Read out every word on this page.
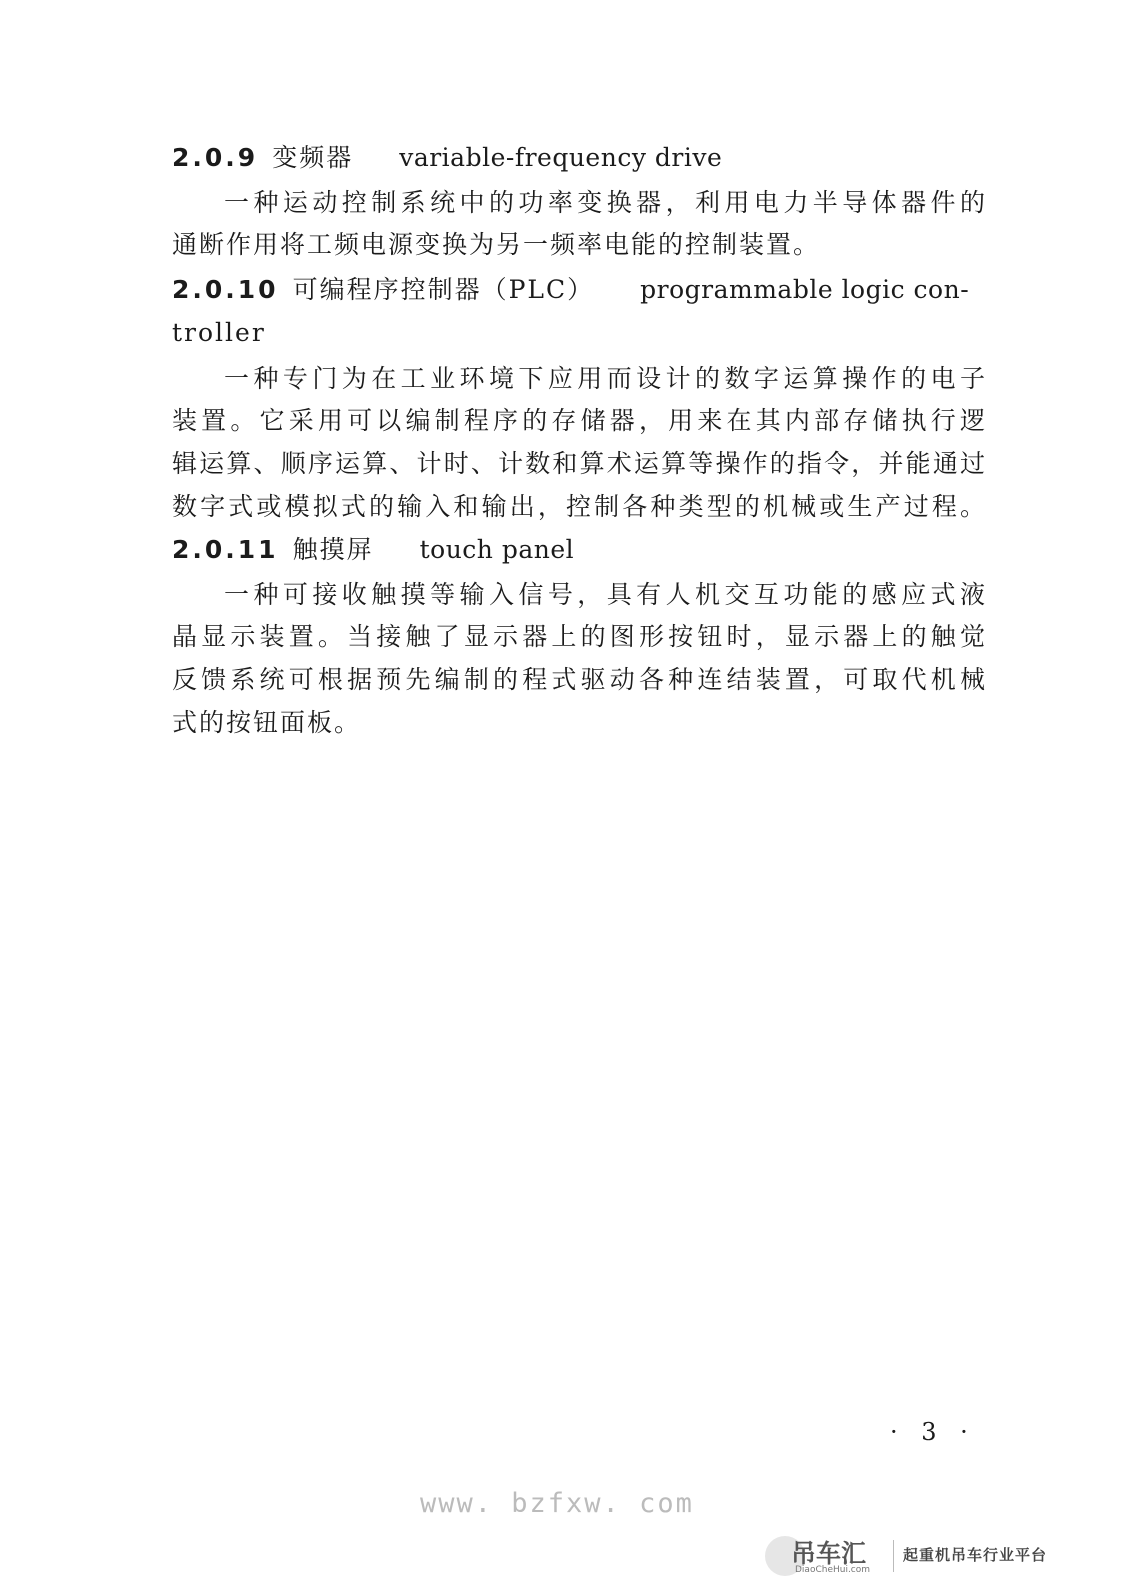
2.0.9 变频器 variable-frequency drive
一种运动控制系统中的功率变换器，利用电力半导体器件的
通断作用将工频电源变换为另一频率电能的控制装置。
2.0.10 可编程序控制器（PLC） programmable logic con-
troller
一种专门为在工业环境下应用而设计的数字运算操作的电子
装置。它采用可以编制程序的存储器，用来在其内部存储执行逻
辑运算、顺序运算、计时、计数和算术运算等操作的指令，并能通过
数字式或模拟式的输入和输出，控制各种类型的机械或生产过程。
2.0.11 触摸屏 touch panel
一种可接收触摸等输入信号，具有人机交互功能的感应式液
晶显示装置。当接触了显示器上的图形按钮时，显示器上的触觉
反馈系统可根据预先编制的程式驱动各种连结装置，可取代机械
式的按钮面板。
· 3 ·
www. bzfxw. com
吊车汇
DiaoCheHui.com
起重机吊车行业平台
